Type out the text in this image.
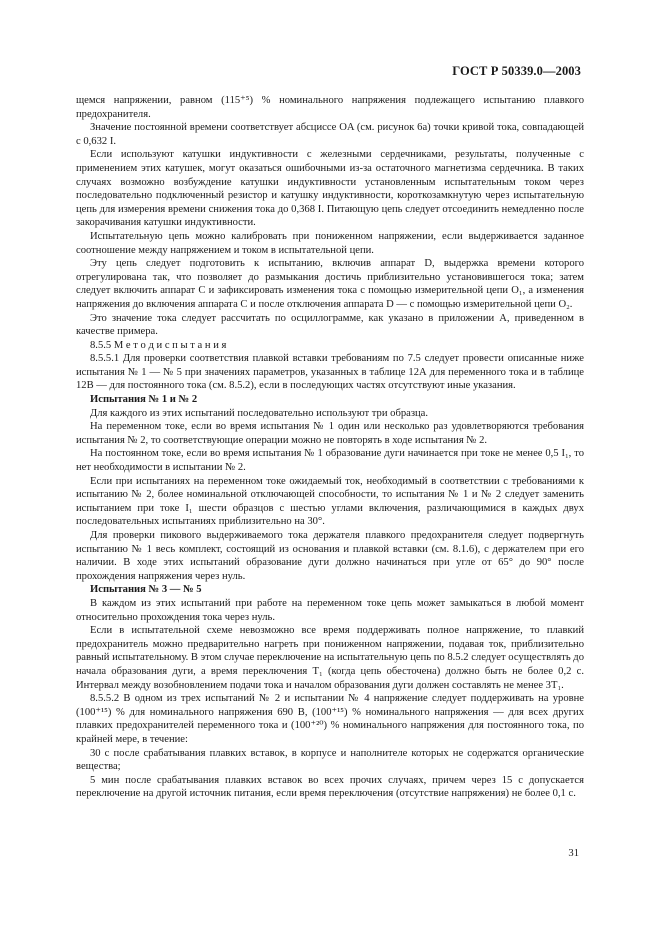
ГОСТ Р 50339.0—2003

щемся напряжении, равном (115⁺⁵) % номинального напряжения подлежащего испытанию плавкого предохранителя.

Значение постоянной времени соответствует абсциссе OA (см. рисунок 6а) точки кривой тока, совпадающей с 0,632 I.

Если используют катушки индуктивности с железными сердечниками, результаты, полученные с применением этих катушек, могут оказаться ошибочными из-за остаточного магнетизма сердечника. В таких случаях возможно возбуждение катушки индуктивности установленным испытательным током через последовательно подключенный резистор и катушку индуктивности, короткозамкнутую через испытательную цепь для измерения времени снижения тока до 0,368 I. Питающую цепь следует отсоединить немедленно после закорачивания катушки индуктивности.

Испытательную цепь можно калибровать при пониженном напряжении, если выдерживается заданное соотношение между напряжением и током в испытательной цепи.

Эту цепь следует подготовить к испытанию, включив аппарат D, выдержка времени которого отрегулирована так, что позволяет до размыкания достичь приблизительно установившегося тока; затем следует включить аппарат C и зафиксировать изменения тока с помощью измерительной цепи O₁, а изменения напряжения до включения аппарата C и после отключения аппарата D — с помощью измерительной цепи O₂.

Это значение тока следует рассчитать по осциллограмме, как указано в приложении А, приведенном в качестве примера.

8.5.5 М е т о д и с п ы т а н и я

8.5.5.1 Для проверки соответствия плавкой вставки требованиям по 7.5 следует провести описанные ниже испытания № 1 — № 5 при значениях параметров, указанных в таблице 12А для переменного тока и в таблице 12В — для постоянного тока (см. 8.5.2), если в последующих частях отсутствуют иные указания.

Испытания № 1 и № 2

Для каждого из этих испытаний последовательно используют три образца.

На переменном токе, если во время испытания № 1 один или несколько раз удовлетворяются требования испытания № 2, то соответствующие операции можно не повторять в ходе испытания № 2.

На постоянном токе, если во время испытания № 1 образование дуги начинается при токе не менее 0,5 I₁, то нет необходимости в испытании № 2.

Если при испытаниях на переменном токе ожидаемый ток, необходимый в соответствии с требованиями к испытанию № 2, более номинальной отключающей способности, то испытания № 1 и № 2 следует заменить испытанием при токе I₁ шести образцов с шестью углами включения, различающимися в каждых двух последовательных испытаниях приблизительно на 30°.

Для проверки пикового выдерживаемого тока держателя плавкого предохранителя следует подвергнуть испытанию № 1 весь комплект, состоящий из основания и плавкой вставки (см. 8.1.6), с держателем при его наличии. В ходе этих испытаний образование дуги должно начинаться при угле от 65° до 90° после прохождения напряжения через нуль.

Испытания № 3 — № 5

В каждом из этих испытаний при работе на переменном токе цепь может замыкаться в любой момент относительно прохождения тока через нуль.

Если в испытательной схеме невозможно все время поддерживать полное напряжение, то плавкий предохранитель можно предварительно нагреть при пониженном напряжении, подавая ток, приблизительно равный испытательному. В этом случае переключение на испытательную цепь по 8.5.2 следует осуществлять до начала образования дуги, а время переключения T₁ (когда цепь обесточена) должно быть не более 0,2 с. Интервал между возобновлением подачи тока и началом образования дуги должен составлять не менее 3T₁.

8.5.5.2 В одном из трех испытаний № 2 и испытании № 4 напряжение следует поддерживать на уровне (100⁺¹⁵) % для номинального напряжения 690 В, (100⁺¹⁵) % номинального напряжения — для всех других плавких предохранителей переменного тока и (100⁺²⁰) % номинального напряжения для постоянного тока, по крайней мере, в течение:

30 с после срабатывания плавких вставок, в корпусе и наполнителе которых не содержатся органические вещества;

5 мин после срабатывания плавких вставок во всех прочих случаях, причем через 15 с допускается переключение на другой источник питания, если время переключения (отсутствие напряжения) не более 0,1 с.

31
